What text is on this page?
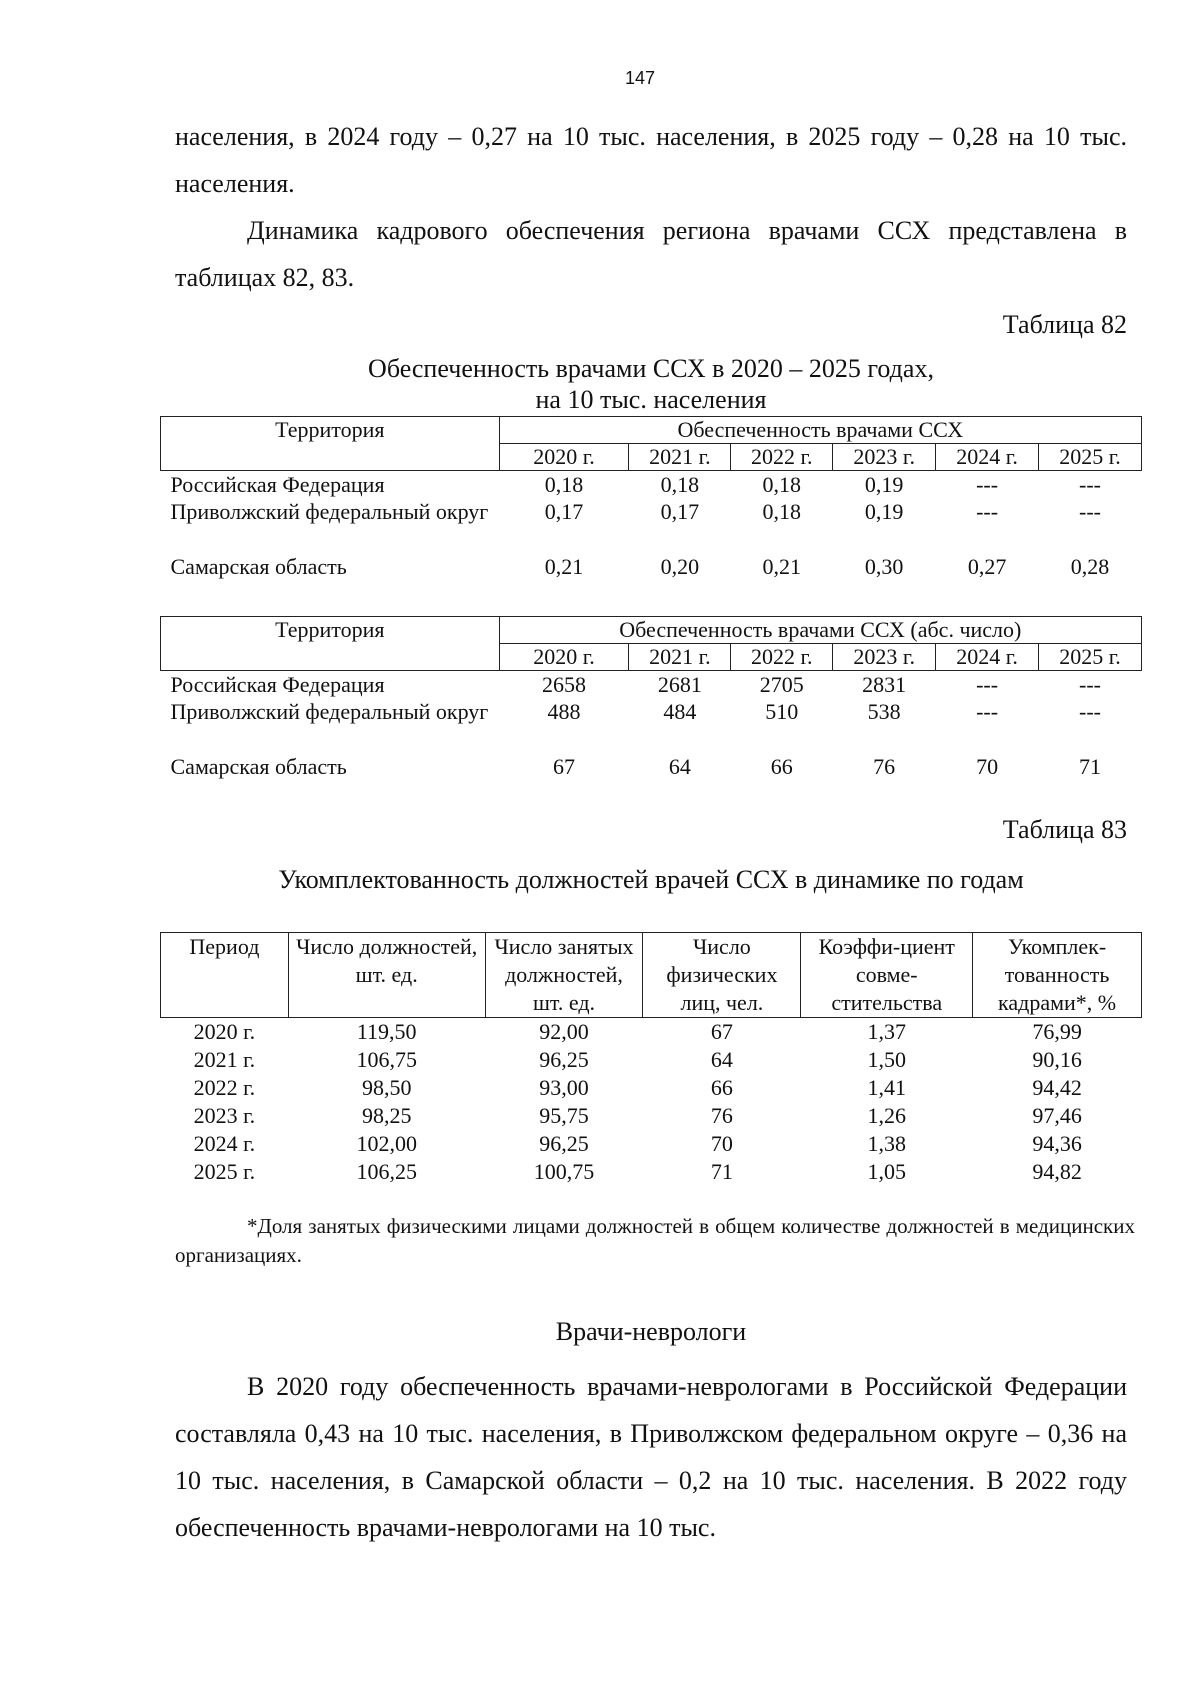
147

населения, в 2024 году – 0,27 на 10 тыс. населения, в 2025 году – 0,28 на 10 тыс. населения.

Динамика кадрового обеспечения региона врачами ССХ представлена в таблицах 82, 83.

Таблица 82

Обеспеченность врачами ССХ в 2020 – 2025 годах,

на 10 тыс. населения

Территория	Обеспеченность врачами ССХ					
	2020 г.	2021 г.	2022 г.	2023 г.	2024 г.	2025 г.
Российская Федерация	0,18	0,18	0,18	0,19	---	---
Приволжский федеральный округ	0,17	0,17	0,18	0,19	---	---
Самарская область	0,21	0,20	0,21	0,30	0,27	0,28
Территория	Обеспеченность врачами ССХ (абс. число)					
	2020 г.	2021 г.	2022 г.	2023 г.	2024 г.	2025 г.
Российская Федерация	2658	2681	2705	2831	---	---
Приволжский федеральный округ	488	484	510	538	---	---
Самарская область	67	64	66	76	70	71

Таблица 83

Укомплектованность должностей врачей ССХ в динамике по годам

Период	Число должностей, шт. ед.	Число занятых должностей, шт. ед.	Число физических лиц, чел.	Коэффи-циент совме-стительства	Укомплек-тованность кадрами*, %
2020 г.	119,50	92,00	67	1,37	76,99
2021 г.	106,75	96,25	64	1,50	90,16
2022 г.	98,50	93,00	66	1,41	94,42
2023 г.	98,25	95,75	76	1,26	97,46
2024 г.	102,00	96,25	70	1,38	94,36
2025 г.	106,25	100,75	71	1,05	94,82

*Доля занятых физическими лицами должностей в общем количестве должностей в медицинских организациях.

Врачи-неврологи

В 2020 году обеспеченность врачами-неврологами в Российской Федерации составляла 0,43 на 10 тыс. населения, в Приволжском федеральном округе – 0,36 на 10 тыс. населения, в Самарской области – 0,2 на 10 тыс. населения. В 2022 году обеспеченность врачами-неврологами на 10 тыс.
